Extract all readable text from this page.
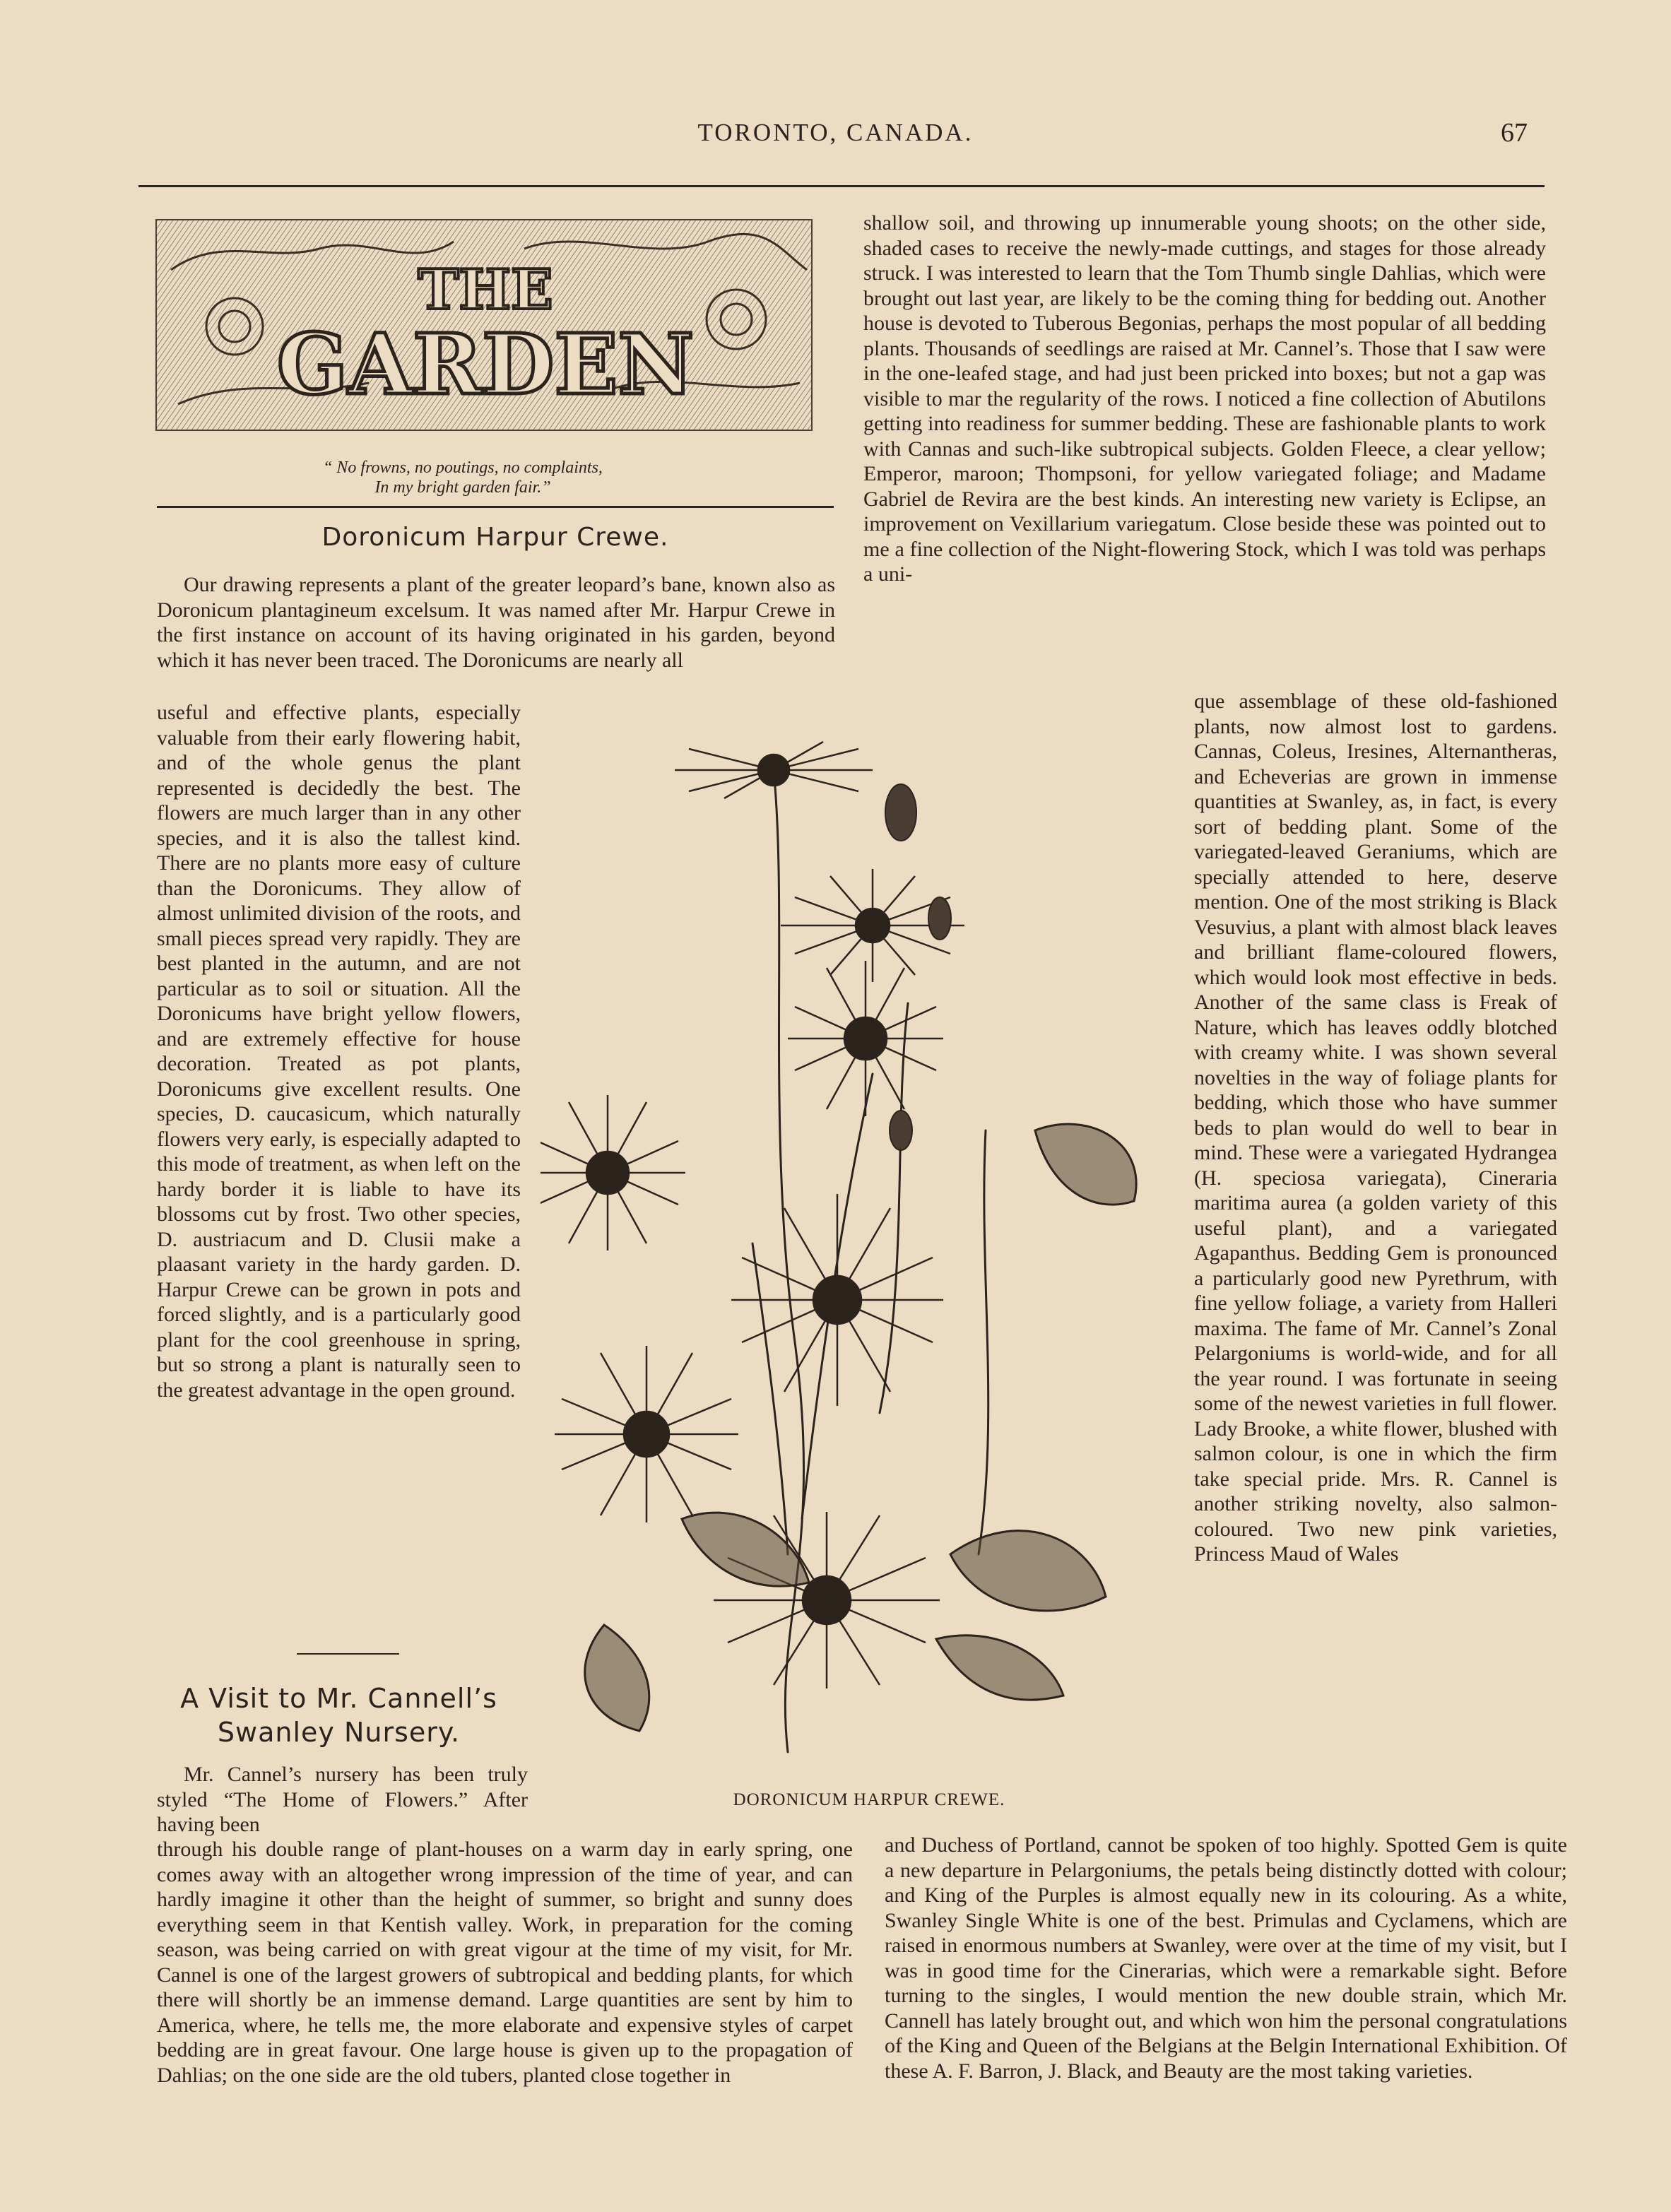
TORONTO, CANADA.	67
THE
GARDEN
“ No frowns, no poutings, no complaints,
In my bright garden fair.”
Doronicum Harpur Crewe.

Our drawing represents a plant of the greater leopard’s bane, known also as Doronicum plantagineum excelsum. It was named after Mr. Harpur Crewe in the first instance on account of its having originated in his garden, beyond which it has never been traced. The Doronicums are nearly all

useful and effective plants, especially valuable from their early flowering habit, and of the whole genus the plant represented is decidedly the best. The flowers are much larger than in any other species, and it is also the tallest kind. There are no plants more easy of culture than the Doronicums. They allow of almost unlimited division of the roots, and small pieces spread very rapidly. They are best planted in the autumn, and are not particular as to soil or situation. All the Doronicums have bright yellow flowers, and are extremely effective for house decoration. Treated as pot plants, Doronicums give excellent results. One species, D. caucasicum, which naturally flowers very early, is especially adapted to this mode of treatment, as when left on the hardy border it is liable to have its blossoms cut by frost. Two other species, D. austriacum and D. Clusii make a plaasant variety in the hardy garden. D. Harpur Crewe can be grown in pots and forced slightly, and is a particularly good plant for the cool greenhouse in spring, but so strong a plant is naturally seen to the greatest advantage in the open ground.

A Visit to Mr. Cannell’s
Swanley Nursery.

Mr. Cannel’s nursery has been truly styled “The Home of Flowers.” After having been

through his double range of plant-houses on a warm day in early spring, one comes away with an altogether wrong impression of the time of year, and can hardly imagine it other than the height of summer, so bright and sunny does everything seem in that Kentish valley. Work, in preparation for the coming season, was being carried on with great vigour at the time of my visit, for Mr. Cannel is one of the largest growers of subtropical and bedding plants, for which there will shortly be an immense demand. Large quantities are sent by him to America, where, he tells me, the more elaborate and expensive styles of carpet bedding are in great favour. One large house is given up to the propagation of Dahlias; on the one side are the old tubers, planted close together in

shallow soil, and throwing up innumerable young shoots; on the other side, shaded cases to receive the newly-made cuttings, and stages for those already struck. I was interested to learn that the Tom Thumb single Dahlias, which were brought out last year, are likely to be the coming thing for bedding out. Another house is devoted to Tuberous Begonias, perhaps the most popular of all bedding plants. Thousands of seedlings are raised at Mr. Cannel’s. Those that I saw were in the one-leafed stage, and had just been pricked into boxes; but not a gap was visible to mar the regularity of the rows. I noticed a fine collection of Abutilons getting into readiness for summer bedding. These are fashionable plants to work with Cannas and such-like subtropical subjects. Golden Fleece, a clear yellow; Emperor, maroon; Thompsoni, for yellow variegated foliage; and Madame Gabriel de Revira are the best kinds. An interesting new variety is Eclipse, an improvement on Vexillarium variegatum. Close beside these was pointed out to me a fine collection of the Night-flowering Stock, which I was told was perhaps a uni-

que assemblage of these old-fashioned plants, now almost lost to gardens. Cannas, Coleus, Iresines, Alternantheras, and Echeverias are grown in immense quantities at Swanley, as, in fact, is every sort of bedding plant. Some of the variegated-leaved Geraniums, which are specially attended to here, deserve mention. One of the most striking is Black Vesuvius, a plant with almost black leaves and brilliant flame-coloured flowers, which would look most effective in beds. Another of the same class is Freak of Nature, which has leaves oddly blotched with creamy white. I was shown several novelties in the way of foliage plants for bedding, which those who have summer beds to plan would do well to bear in mind. These were a variegated Hydrangea (H. speciosa variegata), Cineraria maritima aurea (a golden variety of this useful plant), and a variegated Agapanthus. Bedding Gem is pronounced a particularly good new Pyrethrum, with fine yellow foliage, a variety from Halleri maxima. The fame of Mr. Cannel’s Zonal Pelargoniums is world-wide, and for all the year round. I was fortunate in seeing some of the newest varieties in full flower. Lady Brooke, a white flower, blushed with salmon colour, is one in which the firm take special pride. Mrs. R. Cannel is another striking novelty, also salmon-coloured. Two new pink varieties, Princess Maud of Wales

and Duchess of Portland, cannot be spoken of too highly. Spotted Gem is quite a new departure in Pelargoniums, the petals being distinctly dotted with colour; and King of the Purples is almost equally new in its colouring. As a white, Swanley Single White is one of the best. Primulas and Cyclamens, which are raised in enormous numbers at Swanley, were over at the time of my visit, but I was in good time for the Cinerarias, which were a remarkable sight. Before turning to the singles, I would mention the new double strain, which Mr. Cannell has lately brought out, and which won him the personal congratulations of the King and Queen of the Belgians at the Belgin International Exhibition. Of these A. F. Barron, J. Black, and Beauty are the most taking varieties.

DORONICUM HARPUR CREWE.
